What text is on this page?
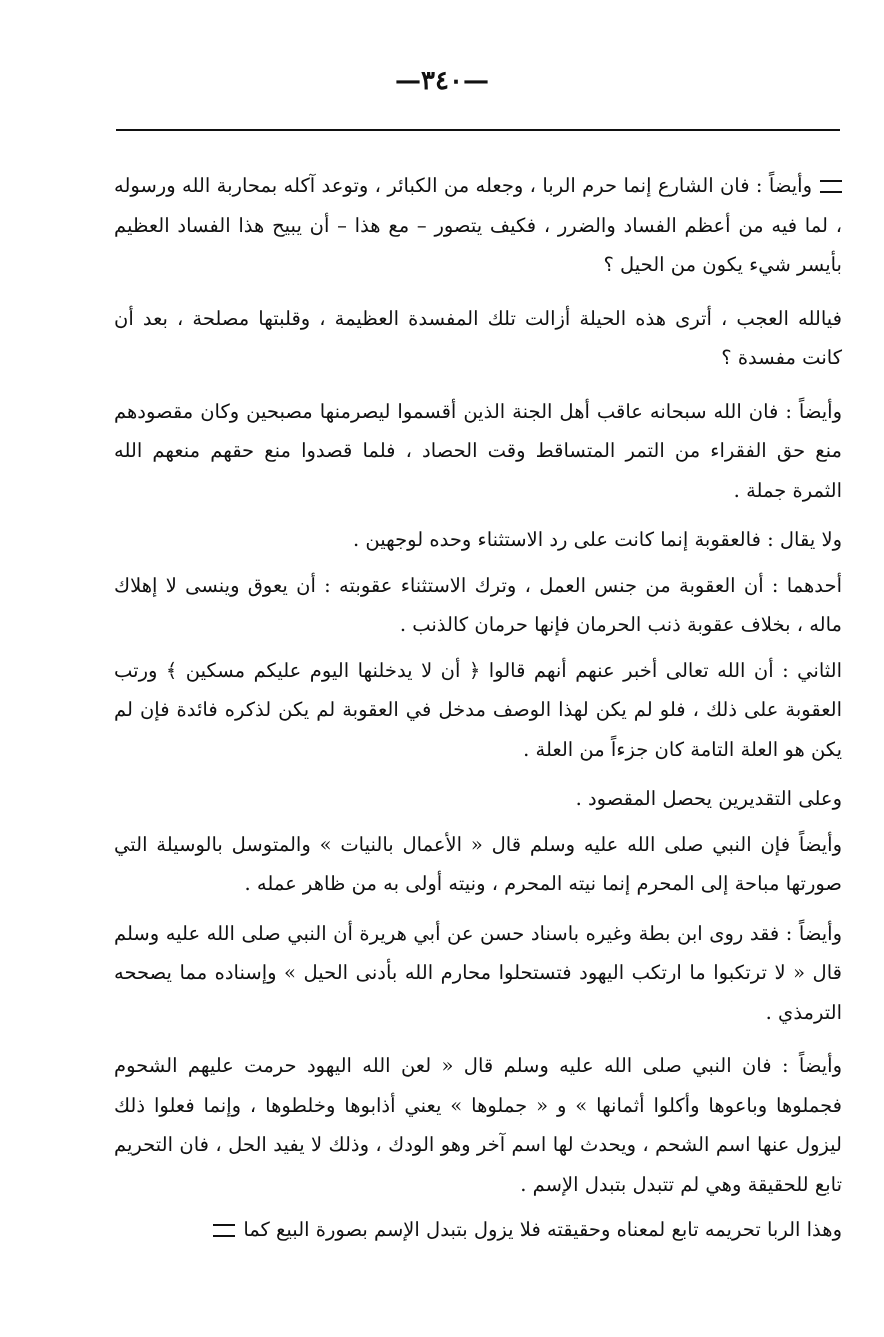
—٣٤٠—

وأيضاً : فان الشارع إنما حرم الربا ، وجعله من الكبائر ، وتوعد آكله بمحاربة الله ورسوله ، لما فيه من أعظم الفساد والضرر ، فكيف يتصور – مع هذا – أن يبيح هذا الفساد العظيم بأيسر شيء يكون من الحيل ؟

فيالله العجب ، أترى هذه الحيلة أزالت تلك المفسدة العظيمة ، وقلبتها مصلحة ، بعد أن كانت مفسدة ؟

وأيضاً : فان الله سبحانه عاقب أهل الجنة الذين أقسموا ليصرمنها مصبحين وكان مقصودهم منع حق الفقراء من التمر المتساقط وقت الحصاد ، فلما قصدوا منع حقهم منعهم الله الثمرة جملة .

ولا يقال : فالعقوبة إنما كانت على رد الاستثناء وحده لوجهين .

أحدهما : أن العقوبة من جنس العمل ، وترك الاستثناء عقوبته : أن يعوق وينسى لا إهلاك ماله ، بخلاف عقوبة ذنب الحرمان فإنها حرمان كالذنب .

الثاني : أن الله تعالى أخبر عنهم أنهم قالوا ﴿ أن لا يدخلنها اليوم عليكم مسكين ﴾ ورتب العقوبة على ذلك ، فلو لم يكن لهذا الوصف مدخل في العقوبة لم يكن لذكره فائدة فإن لم يكن هو العلة التامة كان جزءاً من العلة .

وعلى التقديرين يحصل المقصود .

وأيضاً فإن النبي صلى الله عليه وسلم قال « الأعمال بالنيات » والمتوسل بالوسيلة التي صورتها مباحة إلى المحرم إنما نيته المحرم ، ونيته أولى به من ظاهر عمله .

وأيضاً : فقد روى ابن بطة وغيره باسناد حسن عن أبي هريرة أن النبي صلى الله عليه وسلم قال « لا ترتكبوا ما ارتكب اليهود فتستحلوا محارم الله بأدنى الحيل » وإسناده مما يصححه الترمذي .

وأيضاً : فان النبي صلى الله عليه وسلم قال « لعن الله اليهود حرمت عليهم الشحوم فجملوها وباعوها وأكلوا أثمانها » و « جملوها » يعني أذابوها وخلطوها ، وإنما فعلوا ذلك ليزول عنها اسم الشحم ، ويحدث لها اسم آخر وهو الودك ، وذلك لا يفيد الحل ، فان التحريم تابع للحقيقة وهي لم تتبدل بتبدل الإسم .

وهذا الربا تحريمه تابع لمعناه وحقيقته فلا يزول بتبدل الإسم بصورة البيع كما
